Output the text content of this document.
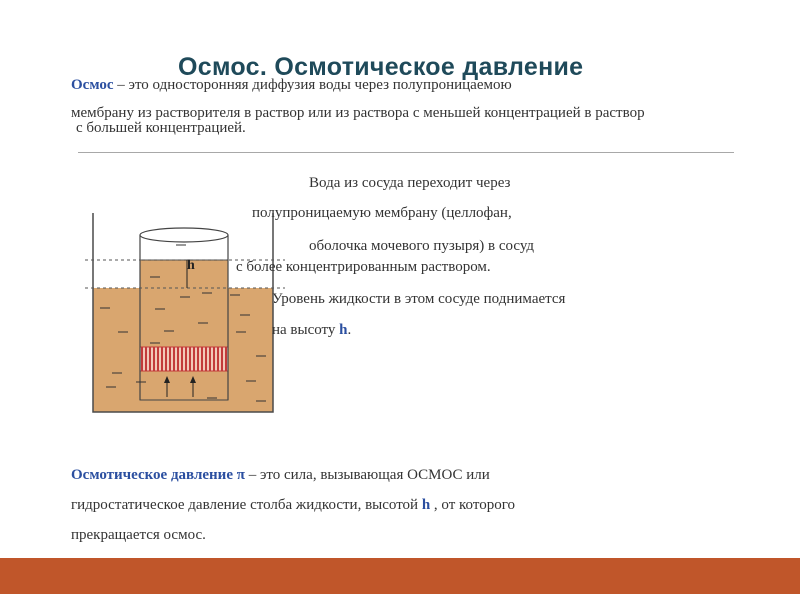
Осмос. Осмотическое давление
Осмос – это односторонняя диффузия воды через полупроницаемою
мембрану из растворителя в раствор или из раствора с меньшей концентрацией в раствор
с большей концентрацией.
h
Вода из сосуда переходит через
полупроницаемую мембрану (целлофан,
оболочка мочевого пузыря) в сосуд
с более концентрированным раствором.
Уровень жидкости в этом сосуде поднимается
на высоту h.
Осмотическое давление π – это сила, вызывающая ОСМОС или
гидростатическое давление столба жидкости, высотой h , от которого
прекращается осмос.
